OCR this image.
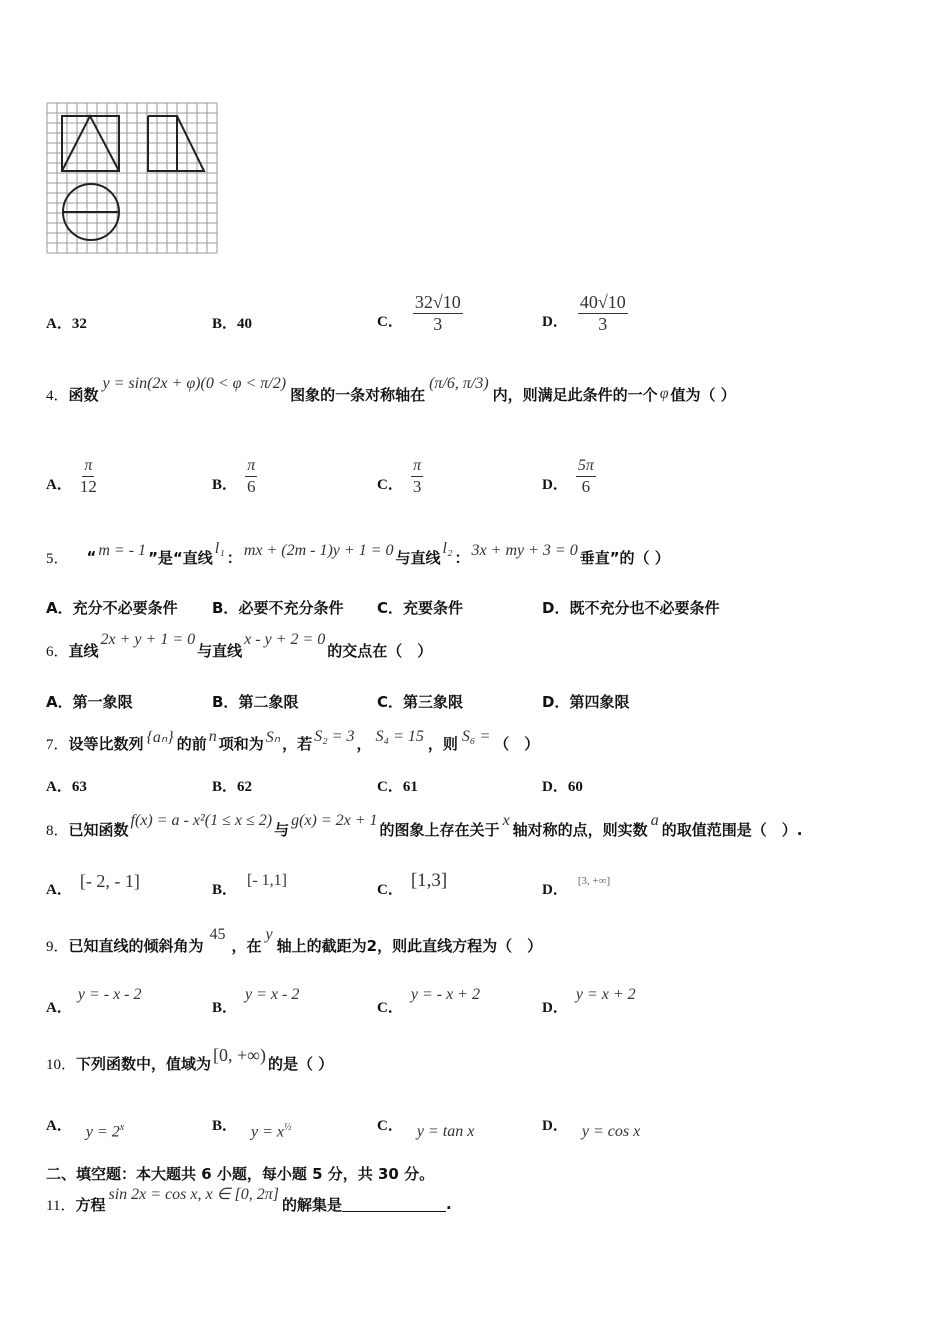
A．32	B．40	C． $\frac{32√10}{3}$	D． $\frac{40√10}{3}$
4． 函数
y = sin(2x + φ)(0 < φ < π/2)
图象的一条对称轴在
(π/6, π/3)
内，则满足此条件的一个 φ 值为（ ）
A． $\frac{\pi}{12}$	B． $\frac{\pi}{6}$	C． $\frac{\pi}{3}$	D． $\frac{5\pi}{6}$
5． “ m = - 1 ”是“直线 l₁ ： mx + (2m - 1)y + 1 = 0 与直线 l₂ ： 3x + my + 3 = 0 垂直”的（ ）
A．充分不必要条件 B．必要不充分条件 C．充要条件	D．既不充分也不必要条件
6． 直线
2x + y + 1 = 0
与直线
x - y + 2 = 0
的交点在（　）
A．第一象限	B．第二象限	C．第三象限	D．第四象限
7． 设等比数列 {aₙ} 的前 n 项和为 Sₙ ，若 S₂ = 3 ， S₄ = 15 ，则 S₆ = （　）
A．63	B．62	C．61	D．60
8． 已知函数 f(x) = a - x²(1 ≤ x ≤ 2) 与 g(x) = 2x + 1 的图象上存在关于 x 轴对称的点，则实数 a 的取值范围是（　）.
A． [- 2, - 1]	B．
[- 1,1]
C． [1,3]	D．
[3, +∞]
9． 已知直线的倾斜角为
45
，在
y
轴上的截距为2，则此直线方程为（　）
A．
y = - x - 2
B．
y = x - 2
C．
y = - x + 2
D．
y = x + 2
10． 下列函数中，值域为 [0, +∞) 的是（ ）
A． $y = 2^x$	B． $y = x^{\frac{1}{2}}$	C． y = tan x	D． y = cos x
二、填空题：本大题共 6 小题，每小题 5 分，共 30 分。
11． 方程
sin 2x = cos x, x ∈ [0, 2π]
的解集是	.
